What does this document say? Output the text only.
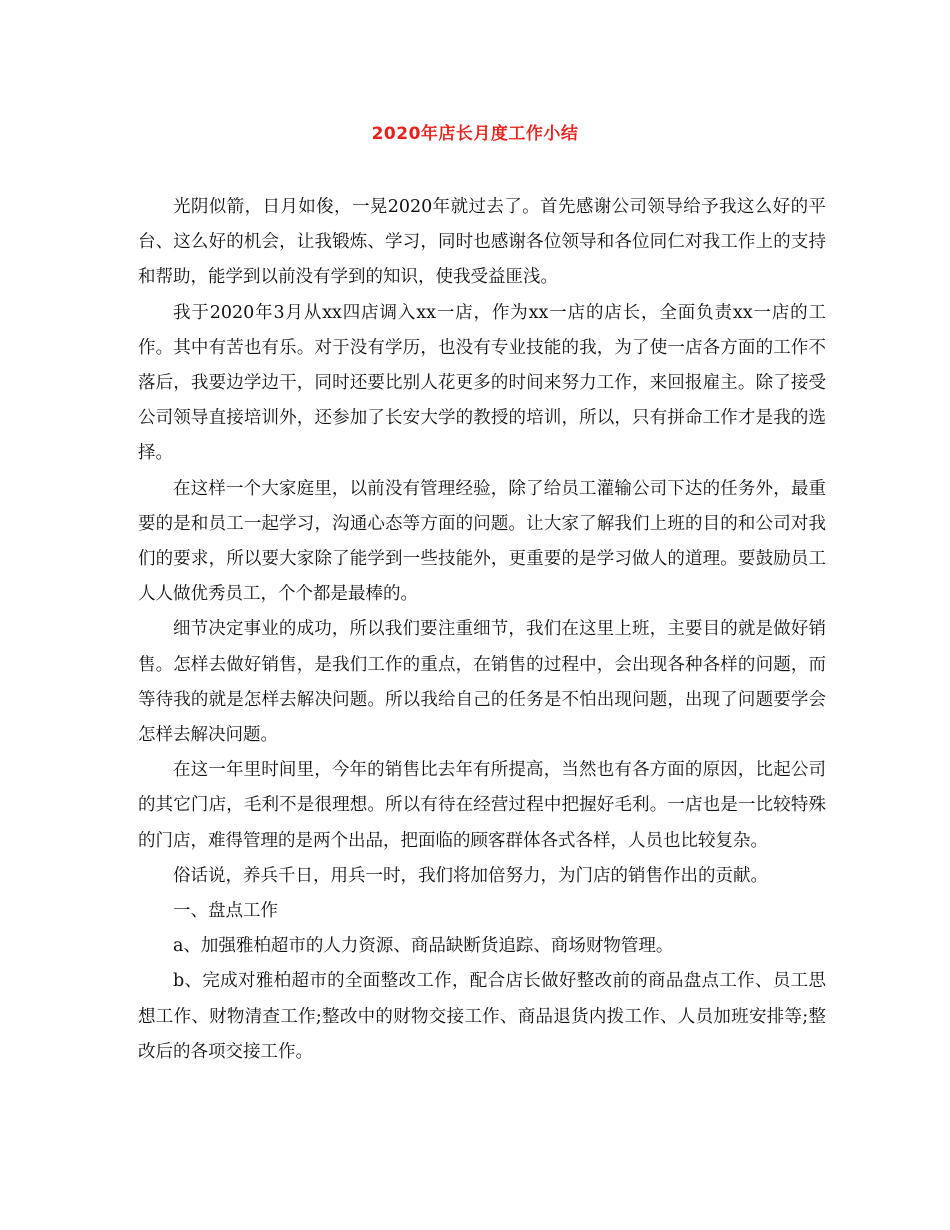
2020年店长月度工作小结

光阴似箭，日月如俊，一晃2020年就过去了。首先感谢公司领导给予我这么好的平台、这么好的机会，让我锻炼、学习，同时也感谢各位领导和各位同仁对我工作上的支持和帮助，能学到以前没有学到的知识，使我受益匪浅。

我于2020年3月从xx四店调入xx一店，作为xx一店的店长，全面负责xx一店的工作。其中有苦也有乐。对于没有学历，也没有专业技能的我，为了使一店各方面的工作不落后，我要边学边干，同时还要比别人花更多的时间来努力工作，来回报雇主。除了接受公司领导直接培训外，还参加了长安大学的教授的培训，所以，只有拼命工作才是我的选择。

在这样一个大家庭里，以前没有管理经验，除了给员工灌输公司下达的任务外，最重要的是和员工一起学习，沟通心态等方面的问题。让大家了解我们上班的目的和公司对我们的要求，所以要大家除了能学到一些技能外，更重要的是学习做人的道理。要鼓励员工人人做优秀员工，个个都是最棒的。

细节决定事业的成功，所以我们要注重细节，我们在这里上班，主要目的就是做好销售。怎样去做好销售，是我们工作的重点，在销售的过程中，会出现各种各样的问题，而等待我的就是怎样去解决问题。所以我给自己的任务是不怕出现问题，出现了问题要学会怎样去解决问题。

在这一年里时间里，今年的销售比去年有所提高，当然也有各方面的原因，比起公司的其它门店，毛利不是很理想。所以有待在经营过程中把握好毛利。一店也是一比较特殊的门店，难得管理的是两个出品，把面临的顾客群体各式各样，人员也比较复杂。

俗话说，养兵千日，用兵一时，我们将加倍努力，为门店的销售作出的贡献。

一、盘点工作

a、加强雅柏超市的人力资源、商品缺断货追踪、商场财物管理。

b、完成对雅柏超市的全面整改工作，配合店长做好整改前的商品盘点工作、员工思想工作、财物清查工作;整改中的财物交接工作、商品退货内拨工作、人员加班安排等;整改后的各项交接工作。
